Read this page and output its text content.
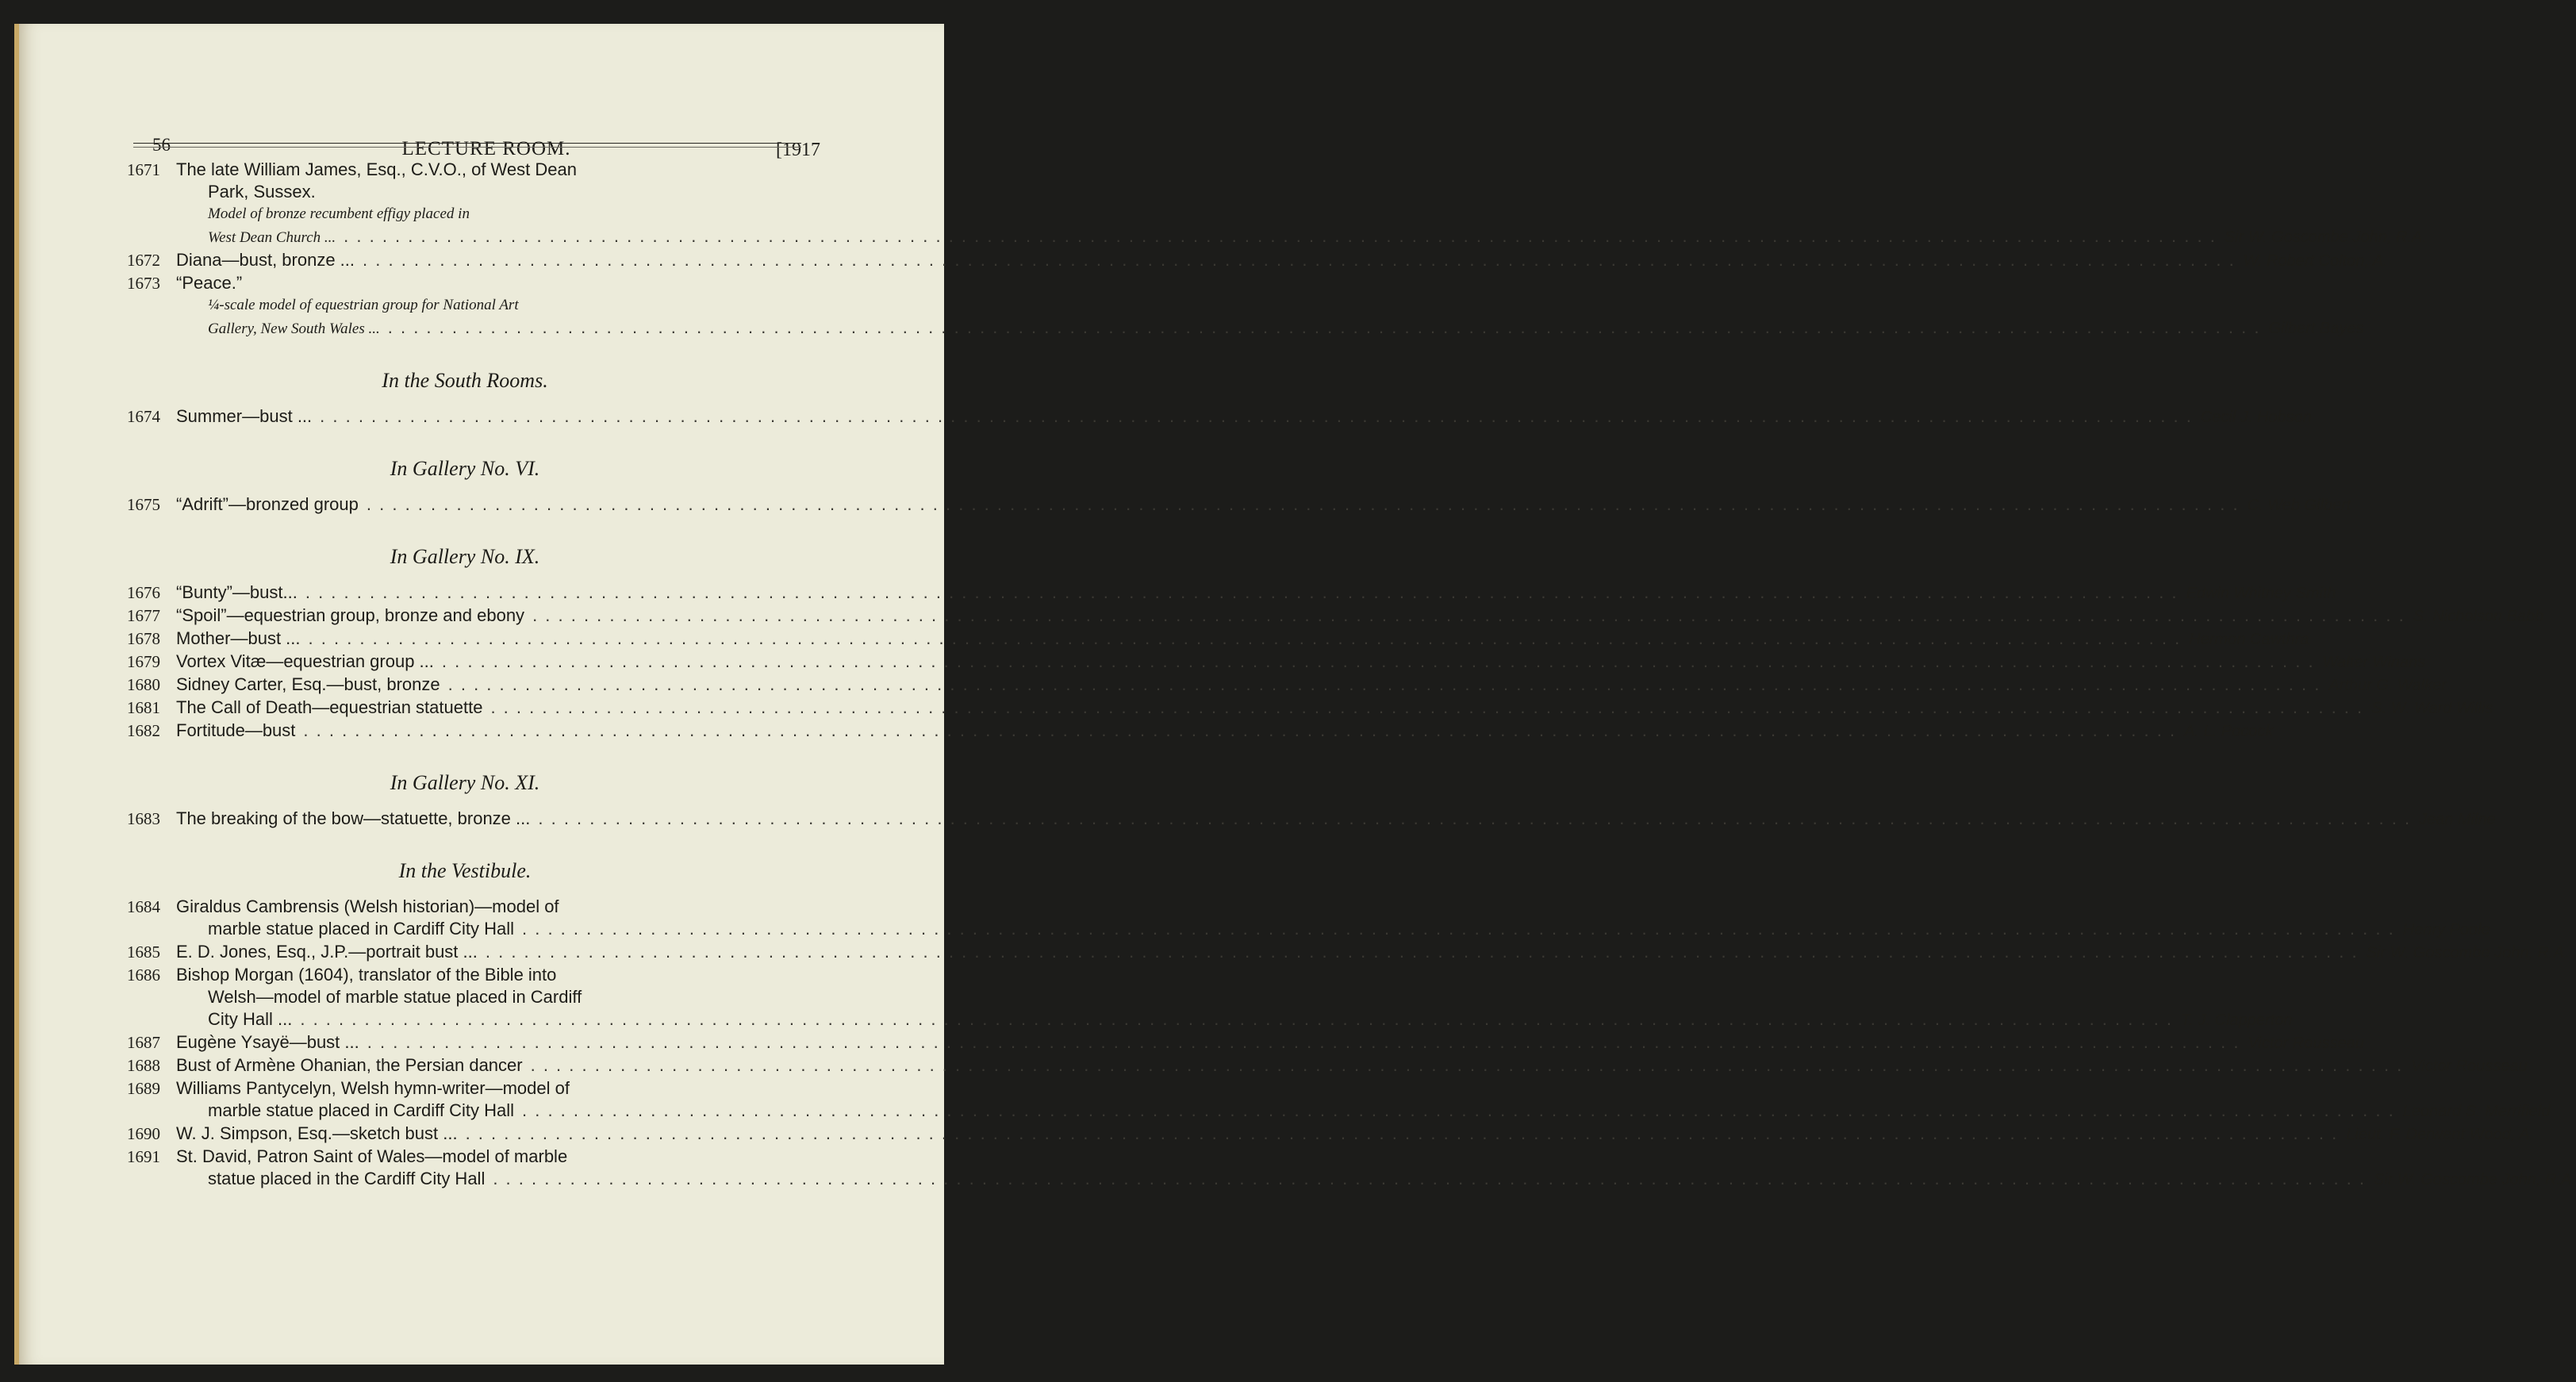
56	LECTURE ROOM.	[1917
1671 The late William James, Esq., C.V.O., of West Dean
Park, Sussex.
Model of bronze recumbent effigy placed in
West Dean Church ... . . .	Sir W. Goscombe John, R.A.
1672 Diana—bust, bronze ... . . .	W. Robert Colton, A.
1673 “Peace.”
¼-scale model of equestrian group for National Art
Gallery, New South Wales ... . . .	Gilbert Bayes
In the South Rooms.
1674 Summer—bust ... . . .	Cecil J. Hobson
In Gallery No. VI.
1675 “Adrift”—bronzed group . . .	C. Web Gilbert
In Gallery No. IX.
1676 “Bunty”—bust... . . .	Edwin Whitney Smith
1677 “Spoil”—equestrian group, bronze and ebony . . .	S. Nicholson Babb
1678 Mother—bust ... . . .	Hermon Cawthra
1679 Vortex Vitæ—equestrian group ... . . .	Walter Winans
1680 Sidney Carter, Esq.—bust, bronze . . .	Arthur G. Walker
1681 The Call of Death—equestrian statuette . . .	S. W. Ward Willis
1682 Fortitude—bust . . .	A. L. Pocock
In Gallery No. XI.
1683 The breaking of the bow—statuette, bronze ... . . .	Jean Milne
In the Vestibule.
1684 Giraldus Cambrensis (Welsh historian)—model of
marble statue placed in Cardiff City Hall . . .	Henry Poole
1685 E. D. Jones, Esq., J.P.—portrait bust ... . . .	Sir W. Goscombe John, R.A.
1686 Bishop Morgan (1604), translator of the Bible into
Welsh—model of marble statue placed in Cardiff
City Hall ... . . .	T. J. Clapperton
1687 Eugène Ysayë—bust ... . . .	Victor Rousseau
1688 Bust of Armène Ohanian, the Persian dancer . . .	Victor Rousseau
1689 Williams Pantycelyn, Welsh hymn-writer—model of
marble statue placed in Cardiff City Hall . . .	Leonard S. Merrifield
1690 W. J. Simpson, Esq.—sketch bust ... . . .	Lieut. F. Derwent Wood, A.
1691 St. David, Patron Saint of Wales—model of marble
statue placed in the Cardiff City Hall . . .	Sir W. Goscombe John, R.A.
